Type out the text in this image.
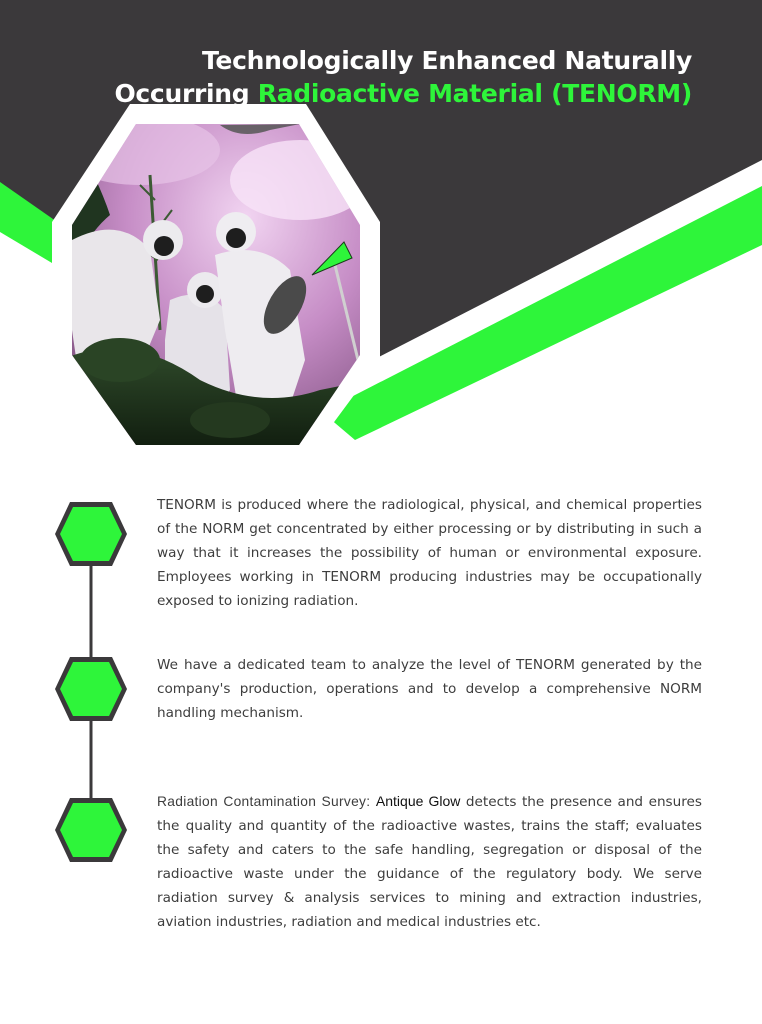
Technologically Enhanced Naturally Occurring Radioactive Material (TENORM)

TENORM is produced where the radiological, physical, and chemical properties of the NORM get concentrated by either processing or by distributing in such a way that it increases the possibility of human or environmental exposure. Employees working in TENORM producing industries may be occupationally exposed to ionizing radiation.

We have a dedicated team to analyze the level of TENORM generated by the company's production, operations and to develop a comprehensive NORM handling mechanism.

Radiation Contamination Survey: Antique Glow detects the presence and ensures the quality and quantity of the radioactive wastes, trains the staff; evaluates the safety and caters to the safe handling, segregation or disposal of the radioactive waste under the guidance of the regulatory body. We serve radiation survey & analysis services to mining and extraction industries, aviation industries, radiation and medical industries etc.
